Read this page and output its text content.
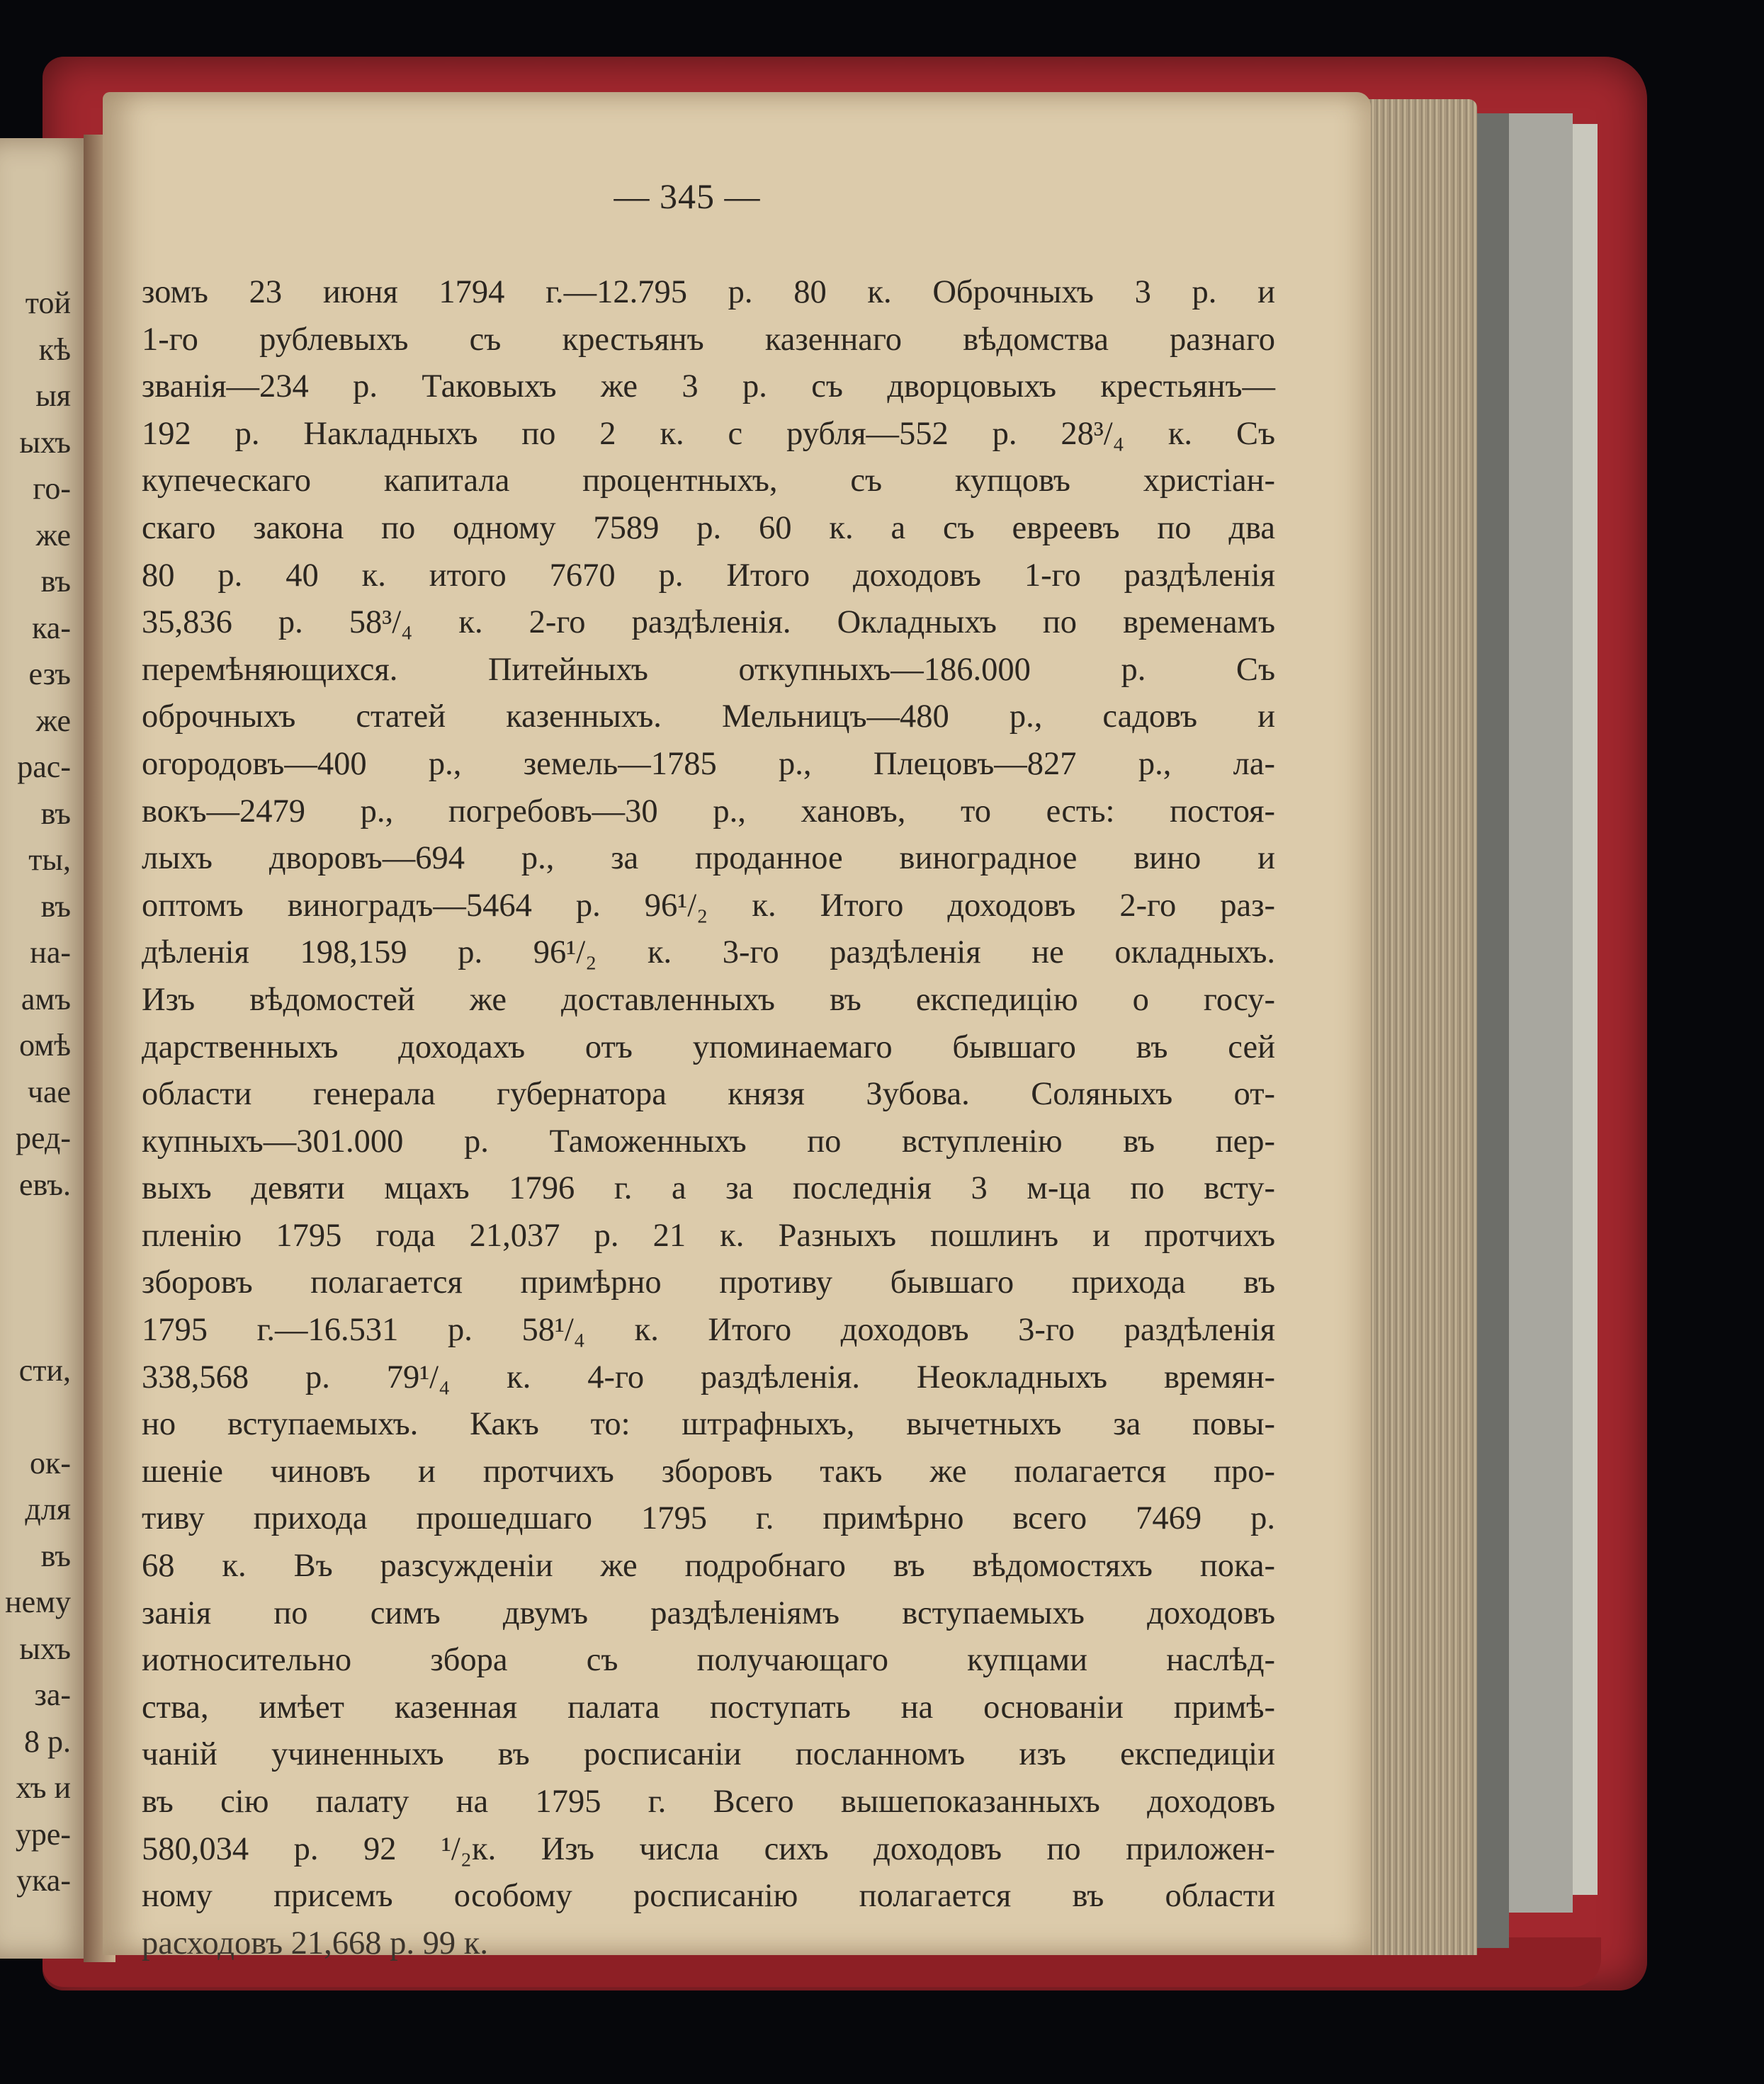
той
кѣ
ыя
ыхъ
го-
же
въ
ка-
езъ
же
рас-
въ
ты,
въ
на-
амъ
омѣ
чае
ред-
евъ.
сти,
ок-
для
въ
нему
ыхъ
за-
8 р.
хъ и
уре-
ука-
— 345 —
зомъ 23 июня 1794 г.—12.795 р. 80 к. Оброчныхъ 3 р. и
1-го рублевыхъ съ крестьянъ казеннаго вѣдомства разнаго
званія—234 р. Таковыхъ же 3 р. съ дворцовыхъ крестьянъ—
192 р. Накладныхъ по 2 к. с рубля—552 р. 28³/₄ к. Съ
купеческаго капитала процентныхъ, съ купцовъ христіан-
скаго закона по одному 7589 р. 60 к. а съ евреевъ по два
80 р. 40 к. итого 7670 р. Итого доходовъ 1-го раздѣленія
35,836 р. 58³/₄ к. 2-го раздѣленія. Окладныхъ по временамъ
перемѣняющихся. Питейныхъ откупныхъ—186.000 р. Съ
оброчныхъ статей казенныхъ. Мельницъ—480 р., садовъ и
огородовъ—400 р., земель—1785 р., Плецовъ—827 р., ла-
вокъ—2479 р., погребовъ—30 р., хановъ, то есть: постоя-
лыхъ дворовъ—694 р., за проданное виноградное вино и
оптомъ виноградъ—5464 р. 96¹/₂ к. Итого доходовъ 2-го раз-
дѣленія 198,159 р. 96¹/₂ к. 3-го раздѣленія не окладныхъ.
Изъ вѣдомостей же доставленныхъ въ експедицію о госу-
дарственныхъ доходахъ отъ упоминаемаго бывшаго въ сей
области генерала губернатора князя Зубова. Соляныхъ от-
купныхъ—301.000 р. Таможенныхъ по вступленію въ пер-
выхъ девяти мцахъ 1796 г. а за последнія 3 м-ца по всту-
пленію 1795 года 21,037 р. 21 к. Разныхъ пошлинъ и протчихъ
зборовъ полагается примѣрно противу бывшаго прихода въ
1795 г.—16.531 р. 58¹/₄ к. Итого доходовъ 3-го раздѣленія
338,568 р. 79¹/₄ к. 4-го раздѣленія. Неокладныхъ времян-
но вступаемыхъ. Какъ то: штрафныхъ, вычетныхъ за повы-
шеніе чиновъ и протчихъ зборовъ такъ же полагается про-
тиву прихода прошедшаго 1795 г. примѣрно всего 7469 р.
68 к. Въ разсужденіи же подробнаго въ вѣдомостяхъ пока-
занія по симъ двумъ раздѣленіямъ вступаемыхъ доходовъ
иотносительно збора съ получающаго купцами наслѣд-
ства, имѣет казенная палата поступать на основаніи примѣ-
чаній учиненныхъ въ росписаніи посланномъ изъ експедиціи
въ сію палату на 1795 г. Всего вышепоказанныхъ доходовъ
580,034 р. 92 ¹/₂к. Изъ числа сихъ доходовъ по приложен-
ному присемъ особому росписанію полагается въ области
расходовъ 21,668 р. 99 к.
